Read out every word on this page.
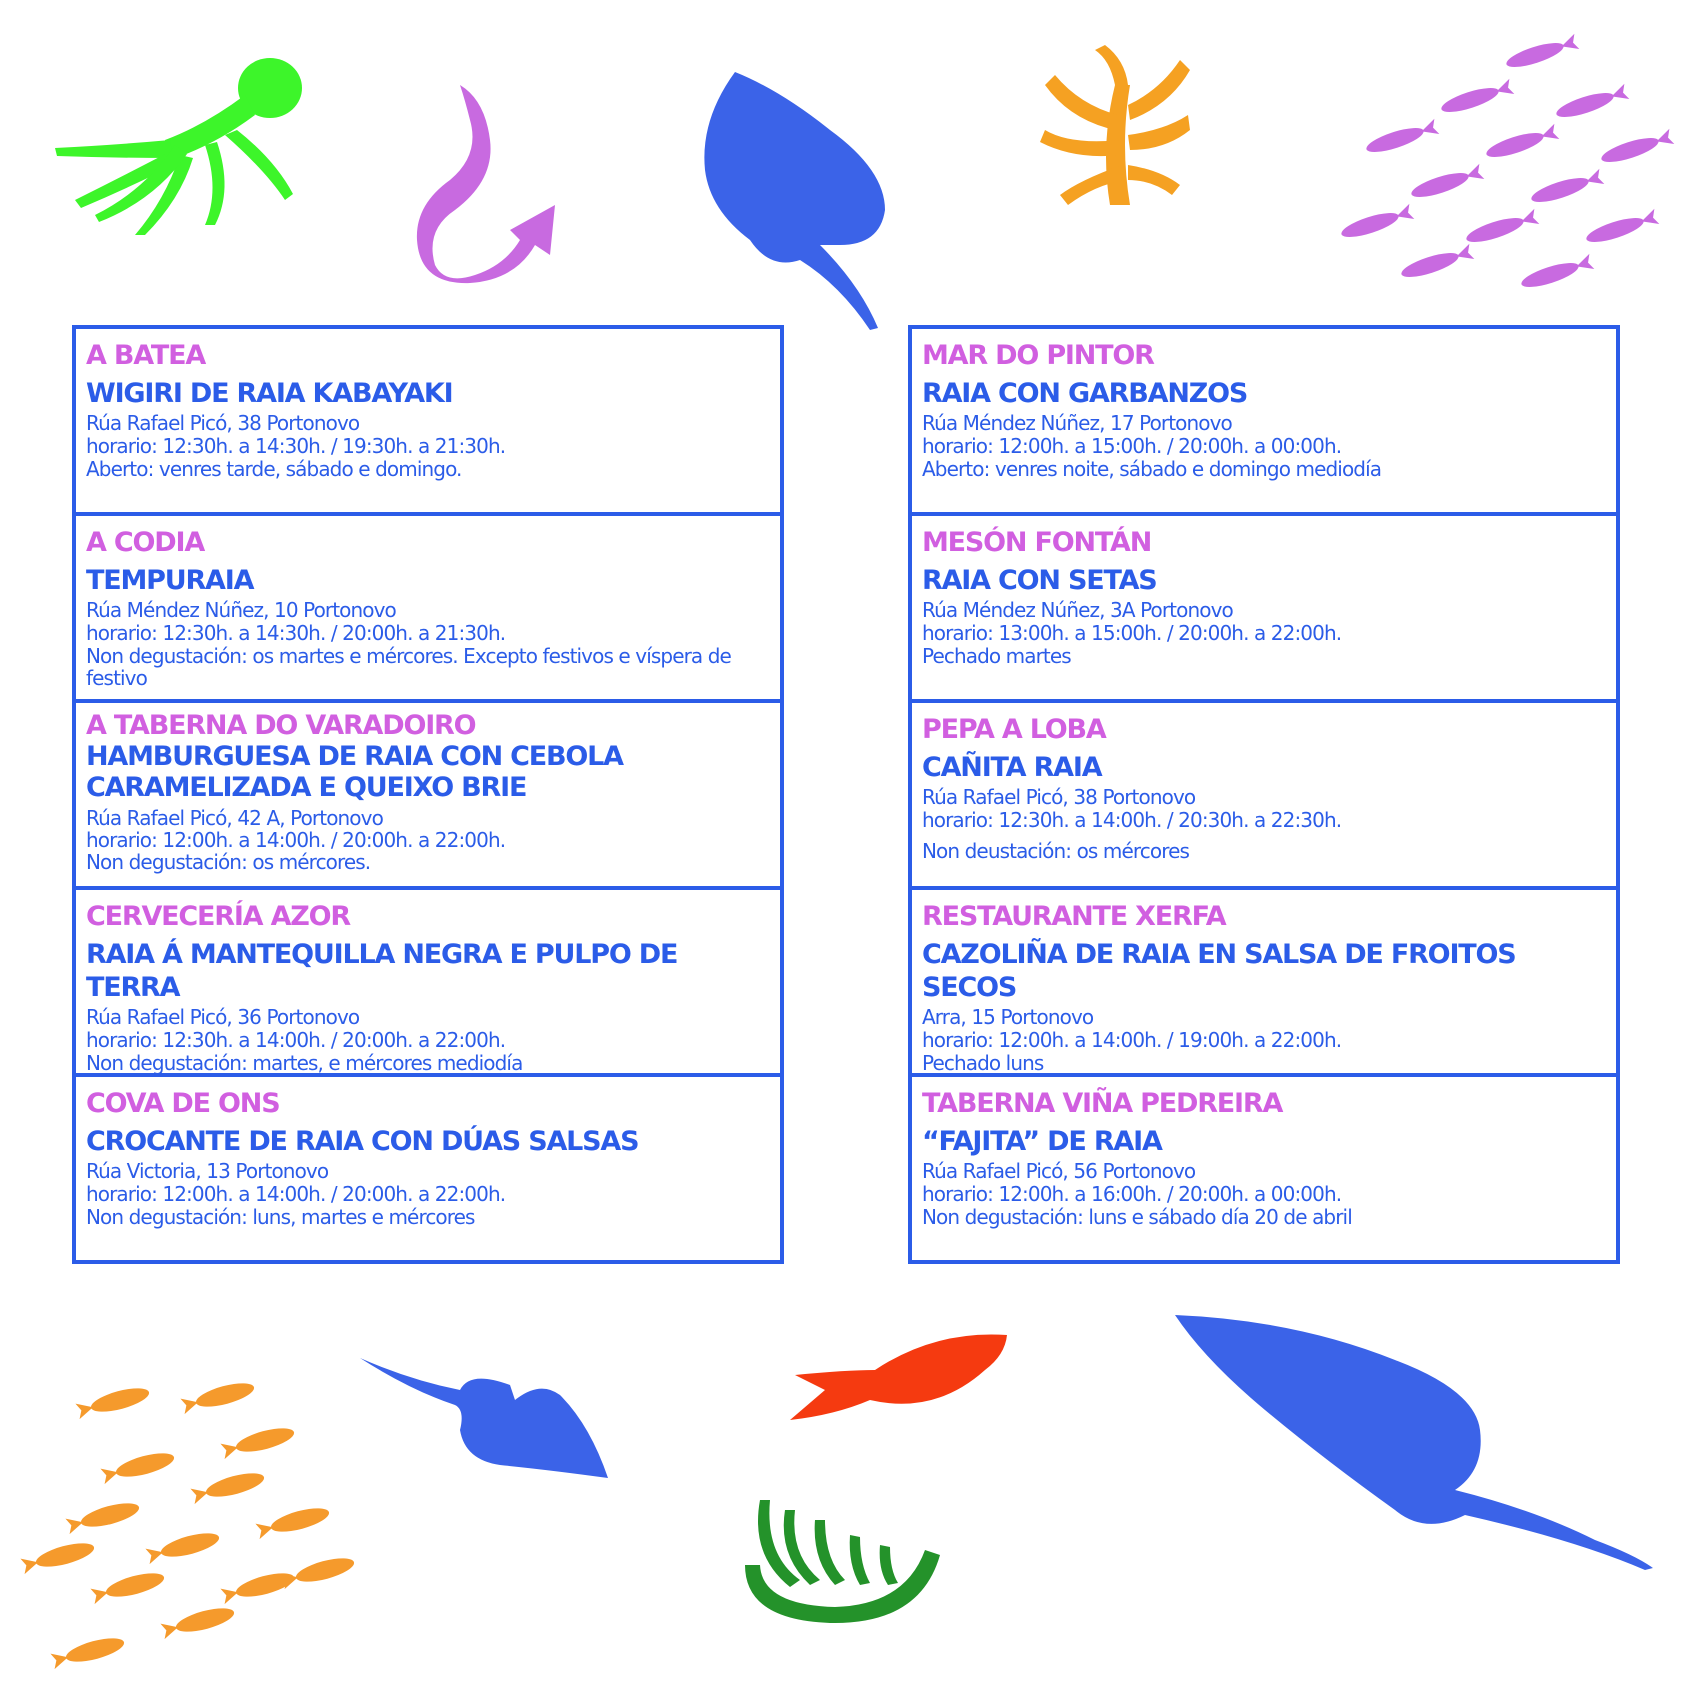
A BATEA
WIGIRI DE RAIA KABAYAKI
Rúa Rafael Picó, 38 Portonovo
horario: 12:30h. a 14:30h. / 19:30h. a 21:30h.
Aberto: venres tarde, sábado e domingo.
A CODIA
TEMPURAIA
Rúa Méndez Núñez, 10 Portonovo
horario: 12:30h. a 14:30h. / 20:00h. a 21:30h.
Non degustación: os martes e mércores. Excepto festivos e víspera de festivo
A TABERNA DO VARADOIRO
HAMBURGUESA DE RAIA CON CEBOLA CARAMELIZADA E QUEIXO BRIE
Rúa Rafael Picó, 42 A, Portonovo
horario: 12:00h. a 14:00h. / 20:00h. a 22:00h.
Non degustación: os mércores.
CERVECERÍA AZOR
RAIA Á MANTEQUILLA NEGRA E PULPO DE TERRA
Rúa Rafael Picó, 36 Portonovo
horario: 12:30h. a 14:00h. / 20:00h. a 22:00h.
Non degustación: martes, e mércores mediodía
COVA DE ONS
CROCANTE DE RAIA CON DÚAS SALSAS
Rúa Victoria, 13 Portonovo
horario: 12:00h. a 14:00h. / 20:00h. a 22:00h.
Non degustación: luns, martes e mércores
MAR DO PINTOR
RAIA CON GARBANZOS
Rúa Méndez Núñez, 17 Portonovo
horario: 12:00h. a 15:00h. / 20:00h. a 00:00h.
Aberto: venres noite, sábado e domingo mediodía
MESÓN FONTÁN
RAIA CON SETAS
Rúa Méndez Núñez, 3A Portonovo
horario: 13:00h. a 15:00h. / 20:00h. a 22:00h.
Pechado martes
PEPA A LOBA
CAÑITA RAIA
Rúa Rafael Picó, 38 Portonovo
horario: 12:30h. a 14:00h. / 20:30h. a 22:30h.
Non deustación: os mércores
RESTAURANTE XERFA
CAZOLIÑA DE RAIA EN SALSA DE FROITOS SECOS
Arra, 15 Portonovo
horario: 12:00h. a 14:00h. / 19:00h. a 22:00h.
Pechado luns
TABERNA VIÑA PEDREIRA
“FAJITA” DE RAIA
Rúa Rafael Picó, 56 Portonovo
horario: 12:00h. a 16:00h. / 20:00h. a 00:00h.
Non degustación: luns e sábado día 20 de abril
